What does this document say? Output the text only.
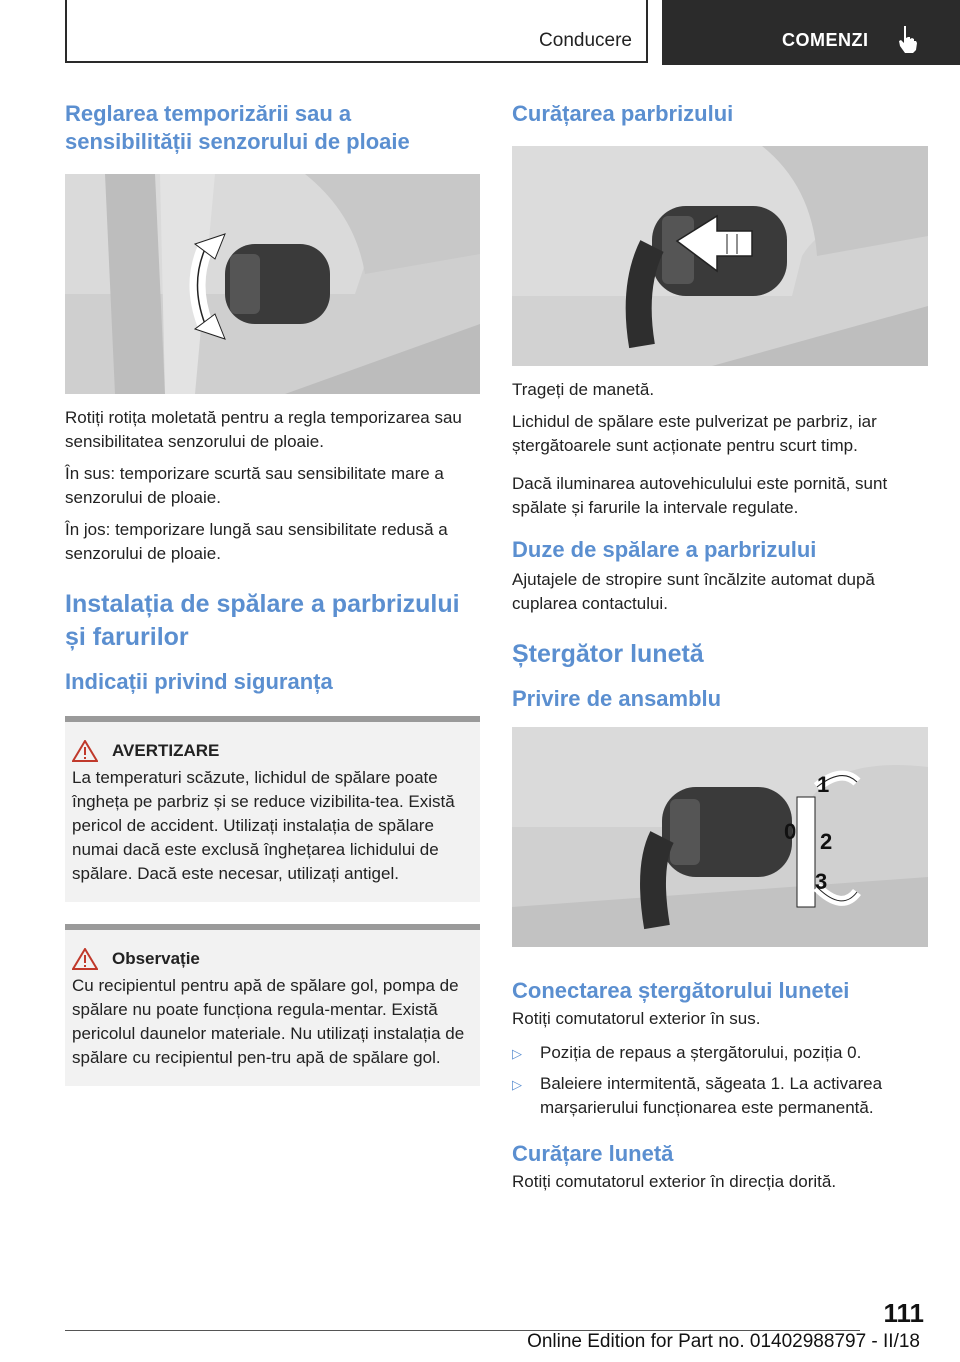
Conducere	COMENZI
Reglarea temporizării sau a sensibilității senzorului de ploaie

Rotiți rotița moletată pentru a regla temporizarea sau sensibilitatea senzorului de ploaie.

În sus: temporizare scurtă sau sensibilitate mare a senzorului de ploaie.

În jos: temporizare lungă sau sensibilitate redusă a senzorului de ploaie.

Instalația de spălare a parbrizului și farurilor
Indicații privind siguranța
AVERTIZARE

La temperaturi scăzute, lichidul de spălare poate îngheța pe parbriz și se reduce vizibilita-tea. Există pericol de accident. Utilizați instalația de spălare numai dacă este exclusă înghețarea lichidului de spălare. Dacă este necesar, utilizați antigel.

Observație

Cu recipientul pentru apă de spălare gol, pompa de spălare nu poate funcționa regula-mentar. Există pericolul daunelor materiale. Nu utilizați instalația de spălare cu recipientul pen-tru apă de spălare gol.

Curățarea parbrizului

Trageți de manetă.

Lichidul de spălare este pulverizat pe parbriz, iar ștergătoarele sunt acționate pentru scurt timp.

Dacă iluminarea autovehiculului este pornită, sunt spălate și farurile la intervale regulate.

Duze de spălare a parbrizului

Ajutajele de stropire sunt încălzite automat după cuplarea contactului.

Ștergător lunetă
Privire de ansamblu
1
0 2
3
Conectarea ștergătorului lunetei

Rotiți comutatorul exterior în sus.

▷	Poziția de repaus a ștergătorului, poziția 0.
▷	Baleiere intermitentă, săgeata 1. La activarea marșarierului funcționarea este permanentă.
Curățare lunetă

Rotiți comutatorul exterior în direcția dorită.

111
Online Edition for Part no. 01402988797 - II/18
